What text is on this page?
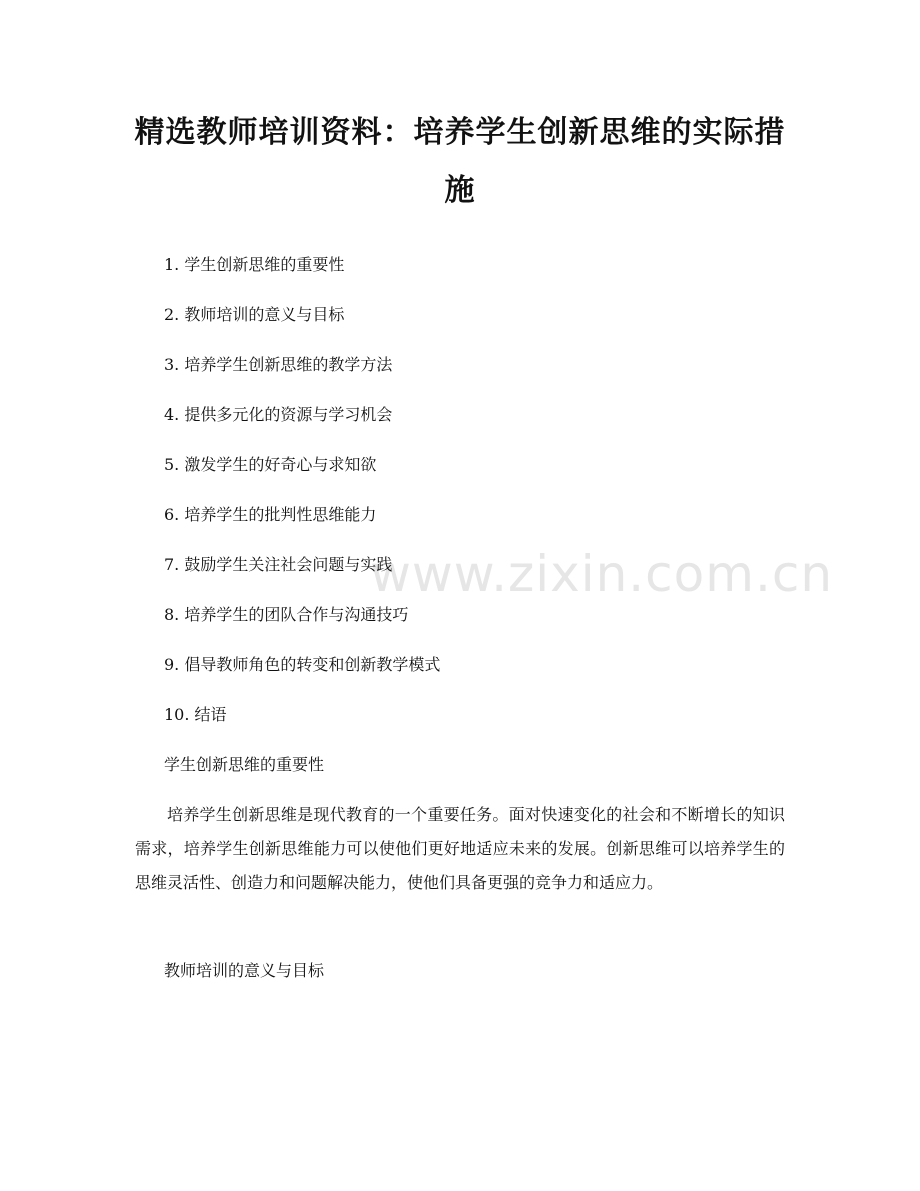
www.zixin.com.cn
精选教师培训资料：培养学生创新思维的实际措施
1. 学生创新思维的重要性
2. 教师培训的意义与目标
3. 培养学生创新思维的教学方法
4. 提供多元化的资源与学习机会
5. 激发学生的好奇心与求知欲
6. 培养学生的批判性思维能力
7. 鼓励学生关注社会问题与实践
8. 培养学生的团队合作与沟通技巧
9. 倡导教师角色的转变和创新教学模式
10. 结语
学生创新思维的重要性

培养学生创新思维是现代教育的一个重要任务。面对快速变化的社会和不断增长的知识需求，培养学生创新思维能力可以使他们更好地适应未来的发展。创新思维可以培养学生的思维灵活性、创造力和问题解决能力，使他们具备更强的竞争力和适应力。

教师培训的意义与目标
